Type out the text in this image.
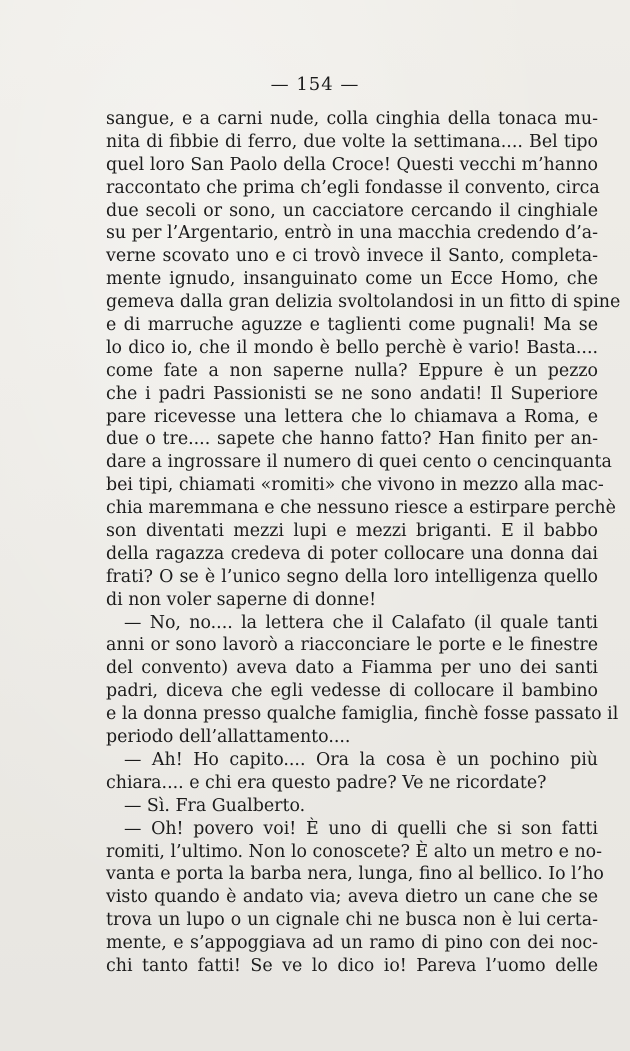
— 154 —
sangue, e a carni nude, colla cinghia della tonaca mu-
nita di fibbie di ferro, due volte la settimana.... Bel tipo
quel loro San Paolo della Croce! Questi vecchi m’hanno
raccontato che prima ch’egli fondasse il convento, circa
due secoli or sono, un cacciatore cercando il cinghiale
su per l’Argentario, entrò in una macchia credendo d’a-
verne scovato uno e ci trovò invece il Santo, completa-
mente ignudo, insanguinato come un Ecce Homo, che
gemeva dalla gran delizia svoltolandosi in un fitto di spine
e di marruche aguzze e taglienti come pugnali! Ma se
lo dico io, che il mondo è bello perchè è vario! Basta....
come fate a non saperne nulla? Eppure è un pezzo
che i padri Passionisti se ne sono andati! Il Superiore
pare ricevesse una lettera che lo chiamava a Roma, e
due o tre.... sapete che hanno fatto? Han finito per an-
dare a ingrossare il numero di quei cento o cencinquanta
bei tipi, chiamati «romiti» che vivono in mezzo alla mac-
chia maremmana e che nessuno riesce a estirpare perchè
son diventati mezzi lupi e mezzi briganti. E il babbo
della ragazza credeva di poter collocare una donna dai
frati? O se è l’unico segno della loro intelligenza quello
di non voler saperne di donne!
— No, no.... la lettera che il Calafato (il quale tanti
anni or sono lavorò a riacconciare le porte e le finestre
del convento) aveva dato a Fiamma per uno dei santi
padri, diceva che egli vedesse di collocare il bambino
e la donna presso qualche famiglia, finchè fosse passato il
periodo dell’allattamento....
— Ah! Ho capito.... Ora la cosa è un pochino più
chiara.... e chi era questo padre? Ve ne ricordate?
— Sì. Fra Gualberto.
— Oh! povero voi! È uno di quelli che si son fatti
romiti, l’ultimo. Non lo conoscete? È alto un metro e no-
vanta e porta la barba nera, lunga, fino al bellico. Io l’ho
visto quando è andato via; aveva dietro un cane che se
trova un lupo o un cignale chi ne busca non è lui certa-
mente, e s’appoggiava ad un ramo di pino con dei noc-
chi tanto fatti! Se ve lo dico io! Pareva l’uomo delle
